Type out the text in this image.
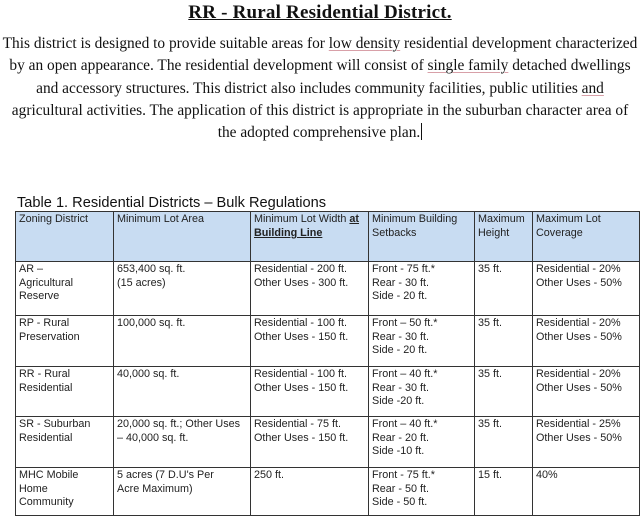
RR - Rural Residential District.

This district is designed to provide suitable areas for low density residential development characterized by an open appearance. The residential development will consist of single family detached dwellings and accessory structures. This district also includes community facilities, public utilities and agricultural activities. The application of this district is appropriate in the suburban character area of the adopted comprehensive plan.

Table 1. Residential Districts – Bulk Regulations
Zoning District	Minimum Lot Area	Minimum Lot Width at
Building Line	Minimum Building Setbacks	Maximum Height	Maximum Lot Coverage
AR –
Agricultural
Reserve	653,400 sq. ft.
(15 acres)	Residential - 200 ft.
Other Uses - 300 ft.	Front - 75 ft.*
Rear - 30 ft.
Side - 20 ft.	35 ft.	Residential - 20%
Other Uses - 50%
RP - Rural
Preservation	100,000 sq. ft.	Residential - 100 ft.
Other Uses - 150 ft.	Front – 50 ft.*
Rear - 30 ft.
Side - 20 ft.	35 ft.	Residential - 20%
Other Uses - 50%
RR - Rural
Residential	40,000 sq. ft.	Residential - 100 ft.
Other Uses - 150 ft.	Front – 40 ft.*
Rear - 30 ft.
Side -20 ft.	35 ft.	Residential - 20%
Other Uses - 50%
SR - Suburban
Residential	20,000 sq. ft.; Other Uses
– 40,000 sq. ft.	Residential - 75 ft.
Other Uses - 150 ft.	Front – 40 ft.*
Rear - 20 ft.
Side -10 ft.	35 ft.	Residential - 25%
Other Uses - 50%
MHC Mobile
Home
Community	5 acres (7 D.U's Per
Acre Maximum)	250 ft.	Front - 75 ft.*
Rear - 50 ft.
Side - 50 ft.	15 ft.	40%
